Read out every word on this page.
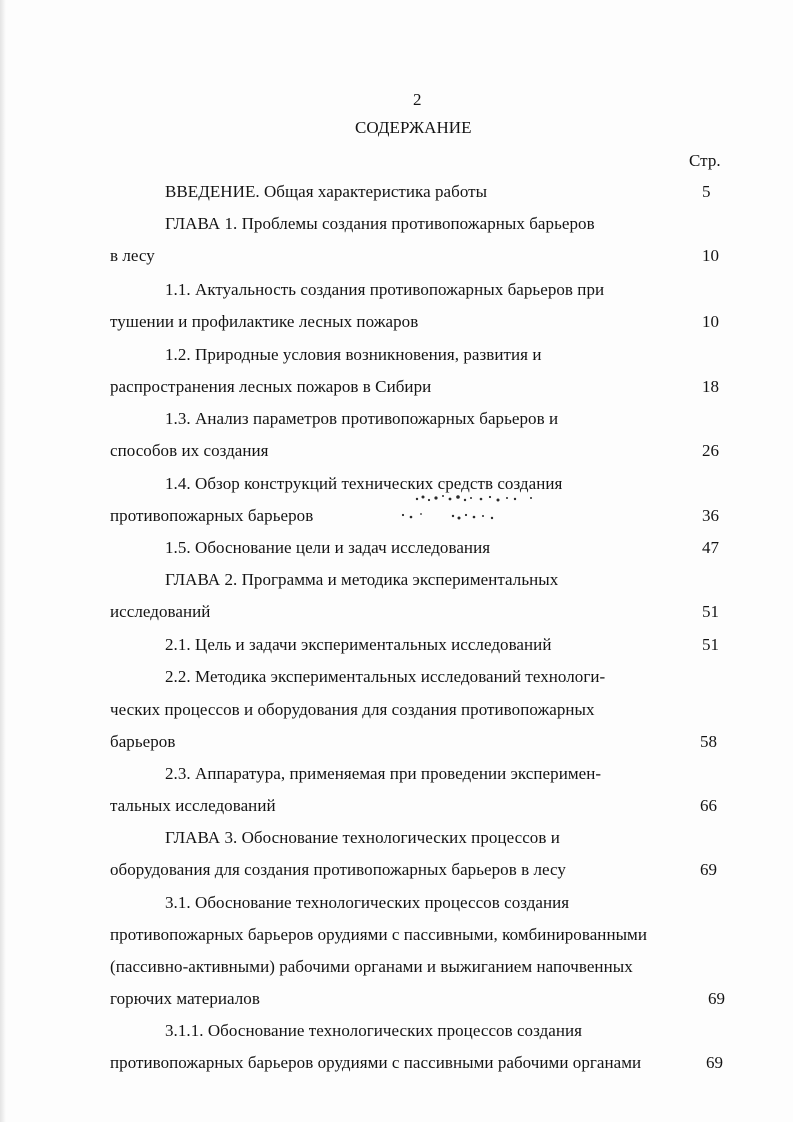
2

СОДЕРЖАНИЕ

Стр.

ВВЕДЕНИЕ. Общая характеристика работы	5

ГЛАВА 1. Проблемы создания противопожарных барьеров

в лесу	10

1.1. Актуальность создания противопожарных барьеров при

тушении и профилактике лесных пожаров	10

1.2. Природные условия возникновения, развития и

распространения лесных пожаров в Сибири	18

1.3. Анализ параметров противопожарных барьеров и

способов их создания	26

1.4. Обзор конструкций технических средств создания

противопожарных барьеров	36

1.5. Обоснование цели и задач исследования	47

ГЛАВА 2. Программа и методика экспериментальных

исследований	51

2.1. Цель и задачи экспериментальных исследований	51

2.2. Методика экспериментальных исследований технологи-

ческих процессов и оборудования для создания противопожарных

барьеров	58

2.3. Аппаратура, применяемая при проведении эксперимен-

тальных исследований	66

ГЛАВА 3. Обоснование технологических процессов и

оборудования для создания противопожарных барьеров в лесу	69

3.1. Обоснование технологических процессов создания

противопожарных барьеров орудиями с пассивными, комбинированными

(пассивно-активными) рабочими органами и выжиганием напочвенных

горючих материалов	69

3.1.1. Обоснование технологических процессов создания

противопожарных барьеров орудиями с пассивными рабочими органами	69
